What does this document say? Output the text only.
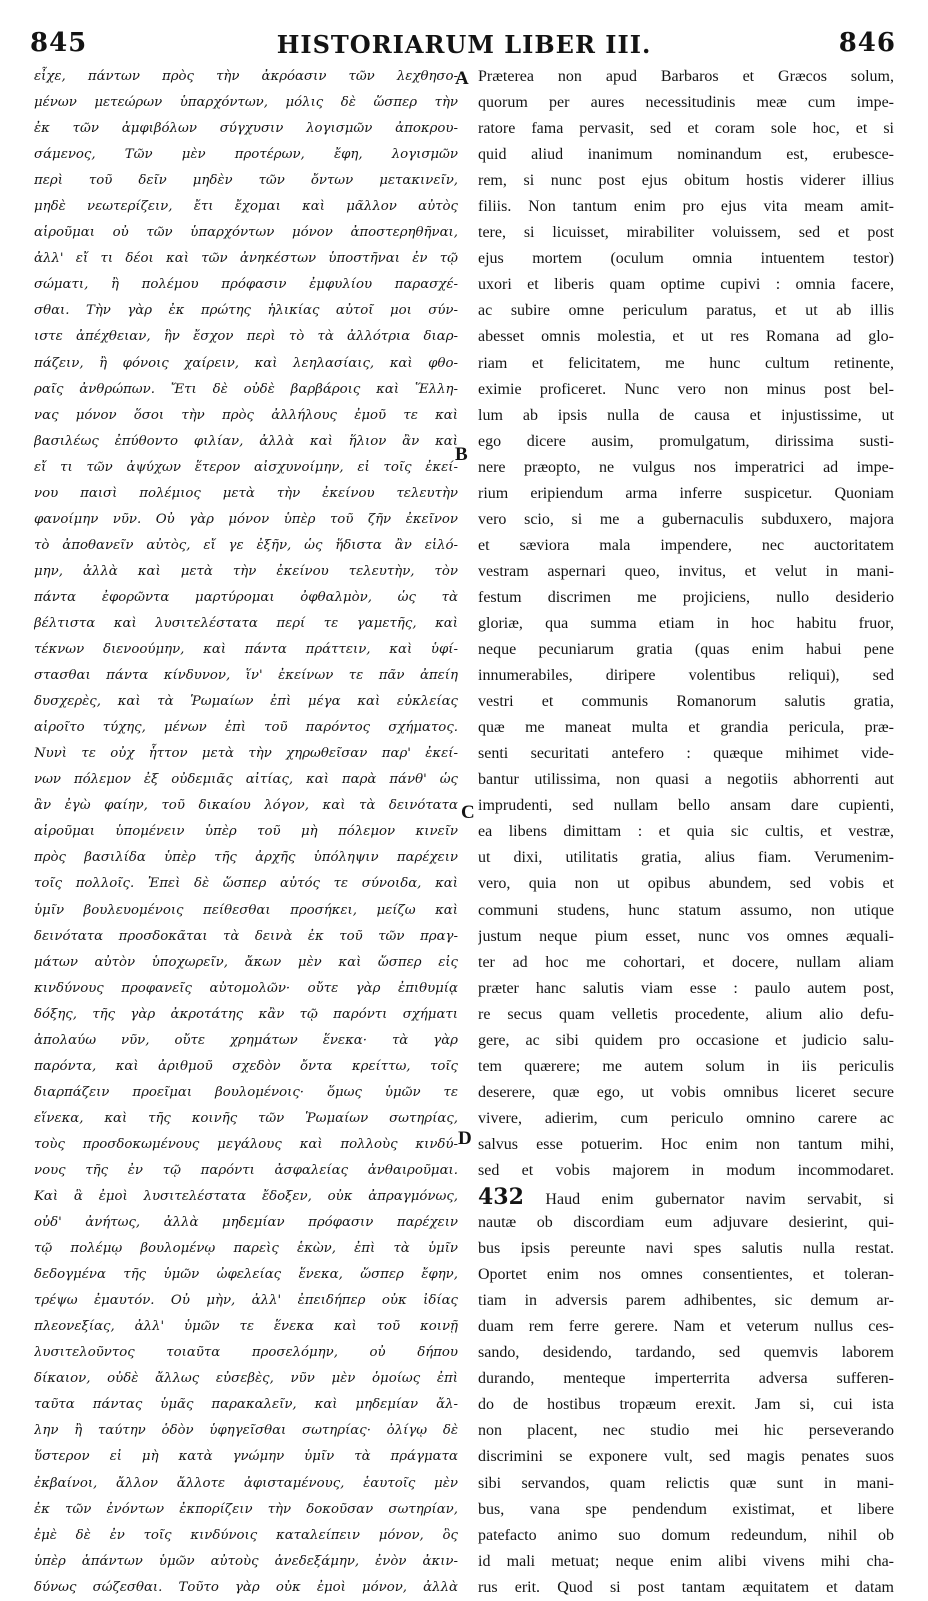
845	HISTORIARUM LIBER III.	846
εἶχε, πάντων πρὸς τὴν ἀκρόασιν τῶν λεχθησο-
μένων μετεώρων ὑπαρχόντων, μόλις δὲ ὥσπερ τὴν
ἐκ τῶν ἀμφιβόλων σύγχυσιν λογισμῶν ἀποκρου-
σάμενος, Τῶν μὲν προτέρων, ἔφη, λογισμῶν
περὶ τοῦ δεῖν μηδὲν τῶν ὄντων μετακινεῖν,
μηδὲ νεωτερίζειν, ἔτι ἔχομαι καὶ μᾶλλον αὐτὸς
αἱροῦμαι οὐ τῶν ὑπαρχόντων μόνον ἀποστερηθῆναι,
ἀλλ' εἴ τι δέοι καὶ τῶν ἀνηκέστων ὑποστῆναι ἐν τῷ
σώματι, ἢ πολέμου πρόφασιν ἐμφυλίου παρασχέ-
σθαι. Τὴν γὰρ ἐκ πρώτης ἡλικίας αὐτοῖ μοι σύν-
ιστε ἀπέχθειαν, ἣν ἔσχον περὶ τὸ τὰ ἀλλότρια διαρ-
πάζειν, ἢ φόνοις χαίρειν, καὶ λεηλασίαις, καὶ φθο-
ραῖς ἀνθρώπων. Ἔτι δὲ οὐδὲ βαρβάροις καὶ Ἕλλη-
νας μόνον ὅσοι τὴν πρὸς ἀλλήλους ἐμοῦ τε καὶ
βασιλέως ἐπύθοντο φιλίαν, ἀλλὰ καὶ ἥλιον ἂν καὶ
εἴ τι τῶν ἀψύχων ἕτερον αἰσχυνοίμην, εἰ τοῖς ἐκεί-
νου παισὶ πολέμιος μετὰ τὴν ἐκείνου τελευτὴν
φανοίμην νῦν. Οὐ γὰρ μόνον ὑπὲρ τοῦ ζῆν ἐκεῖνον
τὸ ἀποθανεῖν αὐτὸς, εἴ γε ἐξῆν, ὡς ἥδιστα ἂν εἱλό-
μην, ἀλλὰ καὶ μετὰ τὴν ἐκείνου τελευτὴν, τὸν
πάντα ἐφορῶντα μαρτύρομαι ὀφθαλμὸν, ὡς τὰ
βέλτιστα καὶ λυσιτελέστατα περί τε γαμετῆς, καὶ
τέκνων διενοούμην, καὶ πάντα πράττειν, καὶ ὑφί-
στασθαι πάντα κίνδυνον, ἵν' ἐκείνων τε πᾶν ἀπείη
δυσχερὲς, καὶ τὰ Ῥωμαίων ἐπὶ μέγα καὶ εὐκλείας
αἱροῖτο τύχης, μένων ἐπὶ τοῦ παρόντος σχήματος.
Νυνὶ τε οὐχ ἧττον μετὰ τὴν χηρωθεῖσαν παρ' ἐκεί-
νων πόλεμον ἐξ οὐδεμιᾶς αἰτίας, καὶ παρὰ πάνθ' ὡς
ἂν ἐγὼ φαίην, τοῦ δικαίου λόγον, καὶ τὰ δεινότατα
αἱροῦμαι ὑπομένειν ὑπὲρ τοῦ μὴ πόλεμον κινεῖν
πρὸς βασιλίδα ὑπὲρ τῆς ἀρχῆς ὑπόληψιν παρέχειν
τοῖς πολλοῖς. Ἐπεὶ δὲ ὥσπερ αὐτός τε σύνοιδα, καὶ
ὑμῖν βουλευομένοις πείθεσθαι προσήκει, μείζω καὶ
δεινότατα προσδοκᾶται τὰ δεινὰ ἐκ τοῦ τῶν πραγ-
μάτων αὐτὸν ὑποχωρεῖν, ἄκων μὲν καὶ ὥσπερ εἰς
κινδύνους προφανεῖς αὐτομολῶν· οὔτε γὰρ ἐπιθυμίᾳ
δόξης, τῆς γὰρ ἀκροτάτης κἂν τῷ παρόντι σχήματι
ἀπολαύω νῦν, οὔτε χρημάτων ἕνεκα· τὰ γὰρ
παρόντα, καὶ ἀριθμοῦ σχεδὸν ὄντα κρείττω, τοῖς
διαρπάζειν προεῖμαι βουλομένοις· ὅμως ὑμῶν τε
εἵνεκα, καὶ τῆς κοινῆς τῶν Ῥωμαίων σωτηρίας,
τοὺς προσδοκωμένους μεγάλους καὶ πολλοὺς κινδύ-
νους τῆς ἐν τῷ παρόντι ἀσφαλείας ἀνθαιροῦμαι.
Καὶ ἃ ἐμοὶ λυσιτελέστατα ἔδοξεν, οὐκ ἀπραγμόνως,
οὐδ' ἀνήτως, ἀλλὰ μηδεμίαν πρόφασιν παρέχειν
τῷ πολέμῳ βουλομένῳ παρεὶς ἑκὼν, ἐπὶ τὰ ὑμῖν
δεδογμένα τῆς ὑμῶν ὠφελείας ἕνεκα, ὥσπερ ἔφην,
τρέψω ἐμαυτόν. Οὐ μὴν, ἀλλ' ἐπειδήπερ οὐκ ἰδίας
πλεονεξίας, ἀλλ' ὑμῶν τε ἕνεκα καὶ τοῦ κοινῇ
λυσιτελοῦντος τοιαῦτα προσελόμην, οὐ δήπου
δίκαιον, οὐδὲ ἄλλως εὐσεβὲς, νῦν μὲν ὁμοίως ἐπὶ
ταῦτα πάντας ὑμᾶς παρακαλεῖν, καὶ μηδεμίαν ἄλ-
λην ἢ ταύτην ὁδὸν ὑφηγεῖσθαι σωτηρίας· ὀλίγῳ δὲ
ὕστερον εἰ μὴ κατὰ γνώμην ὑμῖν τὰ πράγματα
ἐκβαίνοι, ἄλλον ἄλλοτε ἀφισταμένους, ἑαυτοῖς μὲν
ἐκ τῶν ἐνόντων ἐκπορίζειν τὴν δοκοῦσαν σωτηρίαν,
ἐμὲ δὲ ἐν τοῖς κινδύνοις καταλείπειν μόνον, ὃς
ὑπὲρ ἁπάντων ὑμῶν αὐτοὺς ἀνεδεξάμην, ἐνὸν ἀκιν-
δύνως σώζεσθαι. Τοῦτο γὰρ οὐκ ἐμοὶ μόνον, ἀλλὰ
Præterea non apud Barbaros et Græcos solum,
quorum per aures necessitudinis meæ cum impe-
ratore fama pervasit, sed et coram sole hoc, et si
quid aliud inanimum nominandum est, erubesce-
rem, si nunc post ejus obitum hostis viderer illius
filiis. Non tantum enim pro ejus vita meam amit-
tere, si licuisset, mirabiliter voluissem, sed et post
ejus mortem (oculum omnia intuentem testor)
uxori et liberis quam optime cupivi : omnia facere,
ac subire omne periculum paratus, et ut ab illis
abesset omnis molestia, et ut res Romana ad glo-
riam et felicitatem, me hunc cultum retinente,
eximie proficeret. Nunc vero non minus post bel-
lum ab ipsis nulla de causa et injustissime, ut
ego dicere ausim, promulgatum, dirissima susti-
nere præopto, ne vulgus nos imperatrici ad impe-
rium eripiendum arma inferre suspicetur. Quoniam
vero scio, si me a gubernaculis subduxero, majora
et sæviora mala impendere, nec auctoritatem
vestram aspernari queo, invitus, et velut in mani-
festum discrimen me projiciens, nullo desiderio
gloriæ, qua summa etiam in hoc habitu fruor,
neque pecuniarum gratia (quas enim habui pene
innumerabiles, diripere volentibus reliqui), sed
vestri et communis Romanorum salutis gratia,
quæ me maneat multa et grandia pericula, præ-
senti securitati antefero : quæque mihimet vide-
bantur utilissima, non quasi a negotiis abhorrenti aut
imprudenti, sed nullam bello ansam dare cupienti,
ea libens dimittam : et quia sic cultis, et vestræ,
ut dixi, utilitatis gratia, alius fiam. Verumenim-
vero, quia non ut opibus abundem, sed vobis et
communi studens, hunc statum assumo, non utique
justum neque pium esset, nunc vos omnes æquali-
ter ad hoc me cohortari, et docere, nullam aliam
præter hanc salutis viam esse : paulo autem post,
re secus quam velletis procedente, alium alio defu-
gere, ac sibi quidem pro occasione et judicio salu-
tem quærere; me autem solum in iis periculis
deserere, quæ ego, ut vobis omnibus liceret secure
vivere, adierim, cum periculo omnino carere ac
salvus esse potuerim. Hoc enim non tantum mihi,
sed et vobis majorem in modum incommodaret.
432 Haud enim gubernator navim servabit, si
nautæ ob discordiam eum adjuvare desierint, qui-
bus ipsis pereunte navi spes salutis nulla restat.
Oportet enim nos omnes consentientes, et toleran-
tiam in adversis parem adhibentes, sic demum ar-
duam rem ferre gerere. Nam et veterum nullus ces-
sando, desidendo, tardando, sed quemvis laborem
durando, menteque imperterrita adversa sufferen-
do de hostibus tropæum erexit. Jam si, cui ista
non placent, nec studio mei hic perseverando
discrimini se exponere vult, sed magis penates suos
sibi servandos, quam relictis quæ sunt in mani-
bus, vana spe pendendum existimat, et libere
patefacto animo suo domum redeundum, nihil ob
id mali metuat; neque enim alibi vivens mihi cha-
rus erit. Quod si post tantam æquitatem et datam
A
B
C
D
